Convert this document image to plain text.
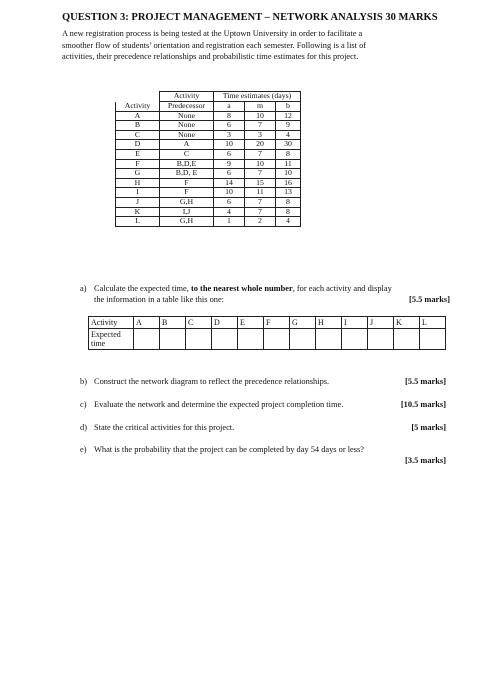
QUESTION 3: PROJECT MANAGEMENT – NETWORK ANALYSIS 30 MARKS
A new registration process is being tested at the Uptown University in order to facilitate a
smoother flow of students’ orientation and registration each semester. Following is a list of
activities, their precedence relationships and probabilistic time estimates for this project.
	Activity	Time estimates (days)		
Activity	Predecessor	a	m	b
A	None	8	10	12
B	None	6	7	9
C	None	3	3	4
D	A	10	20	30
E	C	6	7	8
F	B,D,E	9	10	11
G	B,D, E	6	7	10
H	F	14	15	16
I	F	10	11	13
J	G,H	6	7	8
K	I,J	4	7	8
L	G,H	1	2	4
a) Calculate the expected time, to the nearest whole number, for each activity and display
the information in a table like this one:	[5.5 marks]
Activity	A	B	C	D	E	F	G	H	I	J	K	L

Expected
time												

b) Construct the network diagram to reflect the precedence relationships.	[5.5 marks]
c) Evaluate the network and determine the expected project completion time.	[10.5 marks]
d) State the critical activities for this project.	[5 marks]
e) What is the probability that the project can be completed by day 54 days or less?
[3.5 marks]
